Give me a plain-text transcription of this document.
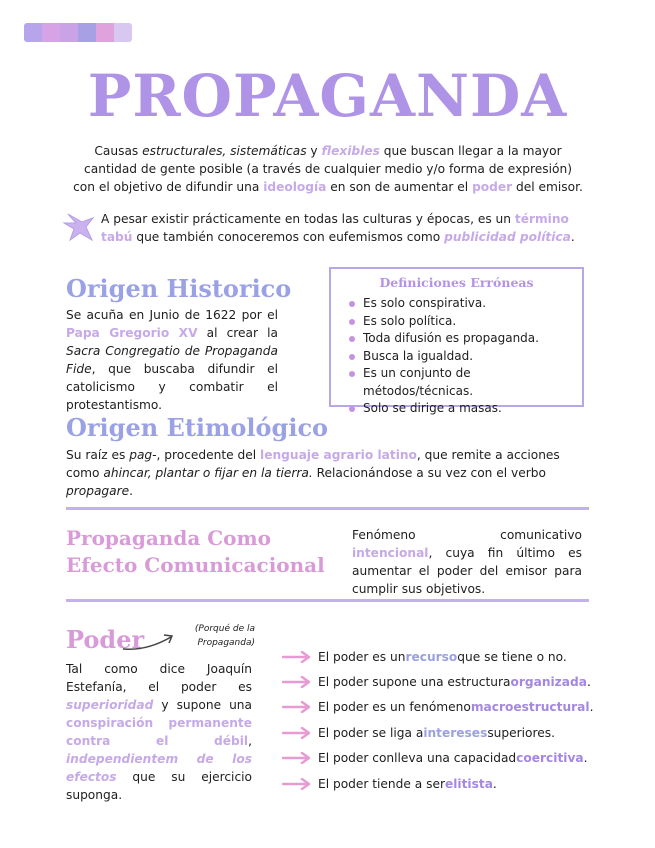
PROPAGANDA

Causas estructurales, sistemáticas y flexibles que buscan llegar a la mayor cantidad de gente posible (a través de cualquier medio y/o forma de expresión) con el objetivo de difundir una ideología en son de aumentar el poder del emisor.

A pesar existir prácticamente en todas las culturas y épocas, es un término tabú que también conoceremos con eufemismos como publicidad política.

Origen Historico

Se acuña en Junio de 1622 por el Papa Gregorio XV al crear la Sacra Congregatio de Propaganda Fide, que buscaba difundir el catolicismo y combatir el protestantismo.

Definiciones Erróneas
Es solo conspirativa.
Es solo política.
Toda difusión es propaganda.
Busca la igualdad.
Es un conjunto de métodos/técnicas.
Solo se dirige a masas.
Origen Etimológico

Su raíz es pag-, procedente del lenguaje agrario latino, que remite a acciones como ahincar, plantar o fijar en la tierra. Relacionándose a su vez con el verbo propagare.

Propaganda Como
Efecto Comunicacional

Fenómeno comunicativo intencional, cuya fin último es aumentar el poder del emisor para cumplir sus objetivos.

Poder	(Porqué de la Propaganda)

Tal como dice Joaquín Estefanía, el poder es superioridad y supone una conspiración permanente contra el débil, independientem de los efectos que su ejercicio suponga.

El poder es un recurso que se tiene o no.
El poder supone una estructura organizada .
El poder es un fenómeno macroestructural .
El poder se liga a intereses superiores.
El poder conlleva una capacidad coercitiva .
El poder tiende a ser elitista .
